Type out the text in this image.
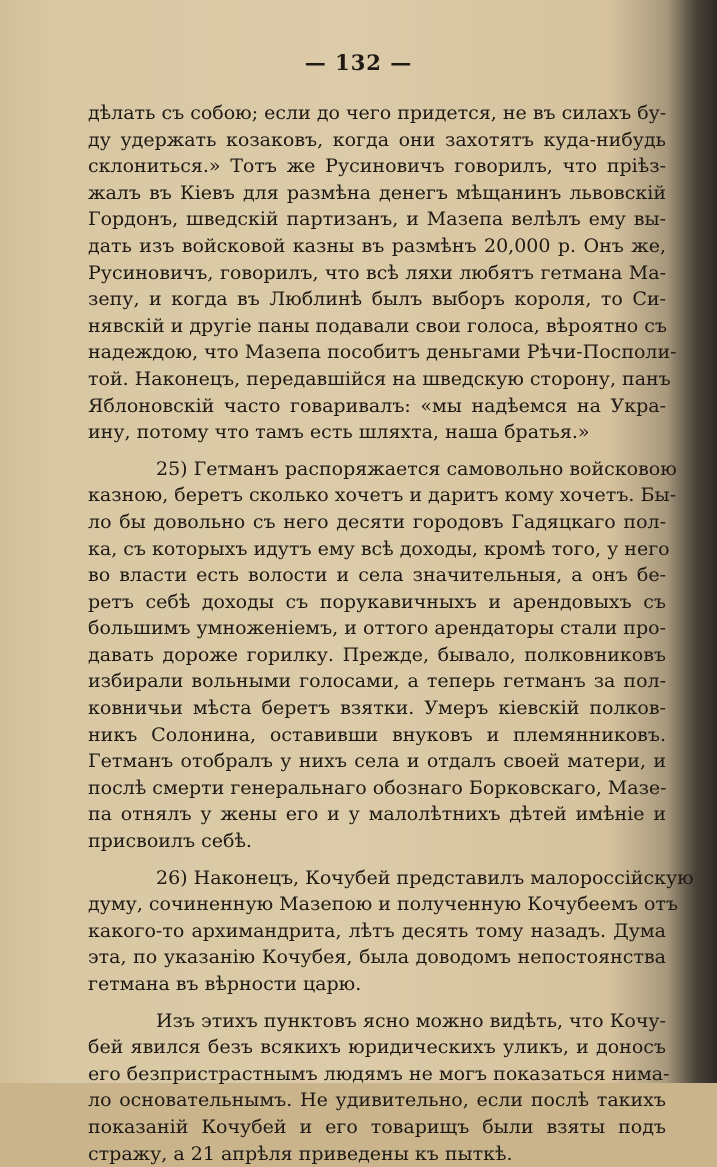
— 132 —
дѣлать съ собою; если до чего придется, не въ силахъ бу-
ду удержать козаковъ, когда они захотятъ куда-нибудь
склониться.» Тотъ же Русиновичъ говорилъ, что прiѣз-
жалъ въ Кiевъ для размѣна денегъ мѣщанинъ львовскiй
Гордонъ, шведскiй партизанъ, и Мазепа велѣлъ ему вы-
дать изъ войсковой казны въ размѣнъ 20,000 р. Онъ же,
Русиновичъ, говорилъ, что всѣ ляхи любятъ гетмана Ма-
зепу, и когда въ Люблинѣ былъ выборъ короля, то Си-
нявскiй и другiе паны подавали свои голоса, вѣроятно съ
надеждою, что Мазепа пособитъ деньгами Рѣчи-Посполи-
той. Наконецъ, передавшiйся на шведскую сторону, панъ
Яблоновскiй часто говаривалъ: «мы надѣемся на Укра-
ину, потому что тамъ есть шляхта, наша братья.»
25) Гетманъ распоряжается самовольно войсковою
казною, беретъ сколько хочетъ и даритъ кому хочетъ. Бы-
ло бы довольно съ него десяти городовъ Гадяцкаго пол-
ка, съ которыхъ идутъ ему всѣ доходы, кромѣ того, у него
во власти есть волости и села значительныя, а онъ бе-
ретъ себѣ доходы съ порукавичныхъ и арендовыхъ съ
большимъ умноженiемъ, и оттого арендаторы стали про-
давать дороже горилку. Прежде, бывало, полковниковъ
избирали вольными голосами, а теперь гетманъ за пол-
ковничьи мѣста беретъ взятки. Умеръ кiевскiй полков-
никъ Солонина, оставивши внуковъ и племянниковъ.
Гетманъ отобралъ у нихъ села и отдалъ своей матери, и
послѣ смерти генеральнаго обознаго Борковскаго, Мазе-
па отнялъ у жены его и у малолѣтнихъ дѣтей имѣнiе и
присвоилъ себѣ.
26) Наконецъ, Кочубей представилъ малороссiйскую
думу, сочиненную Мазепою и полученную Кочубеемъ отъ
какого-то архимандрита, лѣтъ десять тому назадъ. Дума
эта, по указанiю Кочубея, была доводомъ непостоянства
гетмана въ вѣрности царю.
Изъ этихъ пунктовъ ясно можно видѣть, что Кочу-
бей явился безъ всякихъ юридическихъ уликъ, и доносъ
его безпристрастнымъ людямъ не могъ показаться нима-
ло основательнымъ. Не удивительно, если послѣ такихъ
показанiй Кочубей и его товарищъ были взяты подъ
стражу, а 21 апрѣля приведены къ пыткѣ.
